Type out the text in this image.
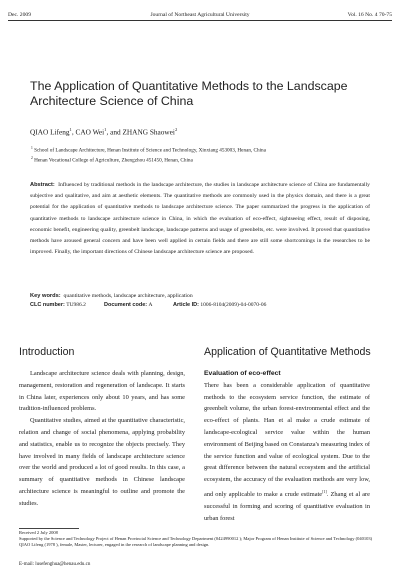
Dec. 2009	Journal of Northeast Agricultural University	Vol. 16 No. 4 70-75
The Application of Quantitative Methods to the Landscape Architecture Science of China
QIAO Lifeng$^1$, CAO Wei$^1$, and ZHANG Shaowei$^2$
$^1$ School of Landscape Architecture, Henan Institute of Science and Technology, Xinxiang 453003, Henan, China
$^2$ Henan Vocational College of Agriculture, Zhengzhou 451450, Henan, China

Abstract: Influenced by traditional methods in the landscape architecture, the studies in landscape architecture science of China are fundamentally subjective and qualitative, and aim at aesthetic elements. The quantitative methods are commonly used in the physics domain, and there is a great potential for the application of quantitative methods to landscape architecture science. The paper summarized the progress in the application of quantitative methods to landscape architecture science in China, in which the evaluation of eco-effect, sightseeing effect, result of disposing, economic benefit, engineering quality, greenbelt landscape, landscape patterns and usage of greenbelts, etc. were involved. It proved that quantitative methods have aroused general concern and have been well applied in certain fields and there are still some shortcomings in the researches to be improved. Finally, the important directions of Chinese landscape architecture science are proposed.

Key words: quantitative methods, landscape architecture, application
CLC number: TU986.2	Document code: A	Article ID: 1006-8104(2009)-04-0070-06
Introduction	Application of Quantitative Methods

Landscape architecture science deals with planning, design, management, restoration and regeneration of landscape. It starts in China later, experiences only about 10 years, and has some tradition-influenced problems.

Quantitative studies, aimed at the quantitative characteristic, relation and change of social phenomena, applying probability and statistics, enable us to recognize the objects precisely. They have involved in many fields of landscape architecture science over the world and produced a lot of good results. In this case, a summary of quantitative methods in Chinese landscape architecture science is meaningful to outline and promote the studies.

Evaluation of eco-effect

There has been a considerable application of quantitative methods to the ecosystem service function, the estimate of greenbelt volume, the urban forest-environmental effect and the eco-effect of plants. Han et al make a crude estimate of landscape-ecological service value within the human environment of Beijing based on Constanza's measuring index of the service function and value of ecological system. Due to the great difference between the natural ecosystem and the artificial ecosystem, the accuracy of the evaluation methods are very low, and only applicable to make a crude estimate[1]. Zhang et al are successful in forming and scoring of quantitative evaluation in urban forest

Received 2 July 2008

Supported by the Science and Technology Project of Henan Provincial Science and Technology Department (0424990012 ); Major Program of Henan Institute of Science and Technology (040103)

QIAO Lifeng (1978 ), female, Master, lecturer, engaged in the research of landscape planning and design.

E-mail: lusefenghua@henau.edu.cn
